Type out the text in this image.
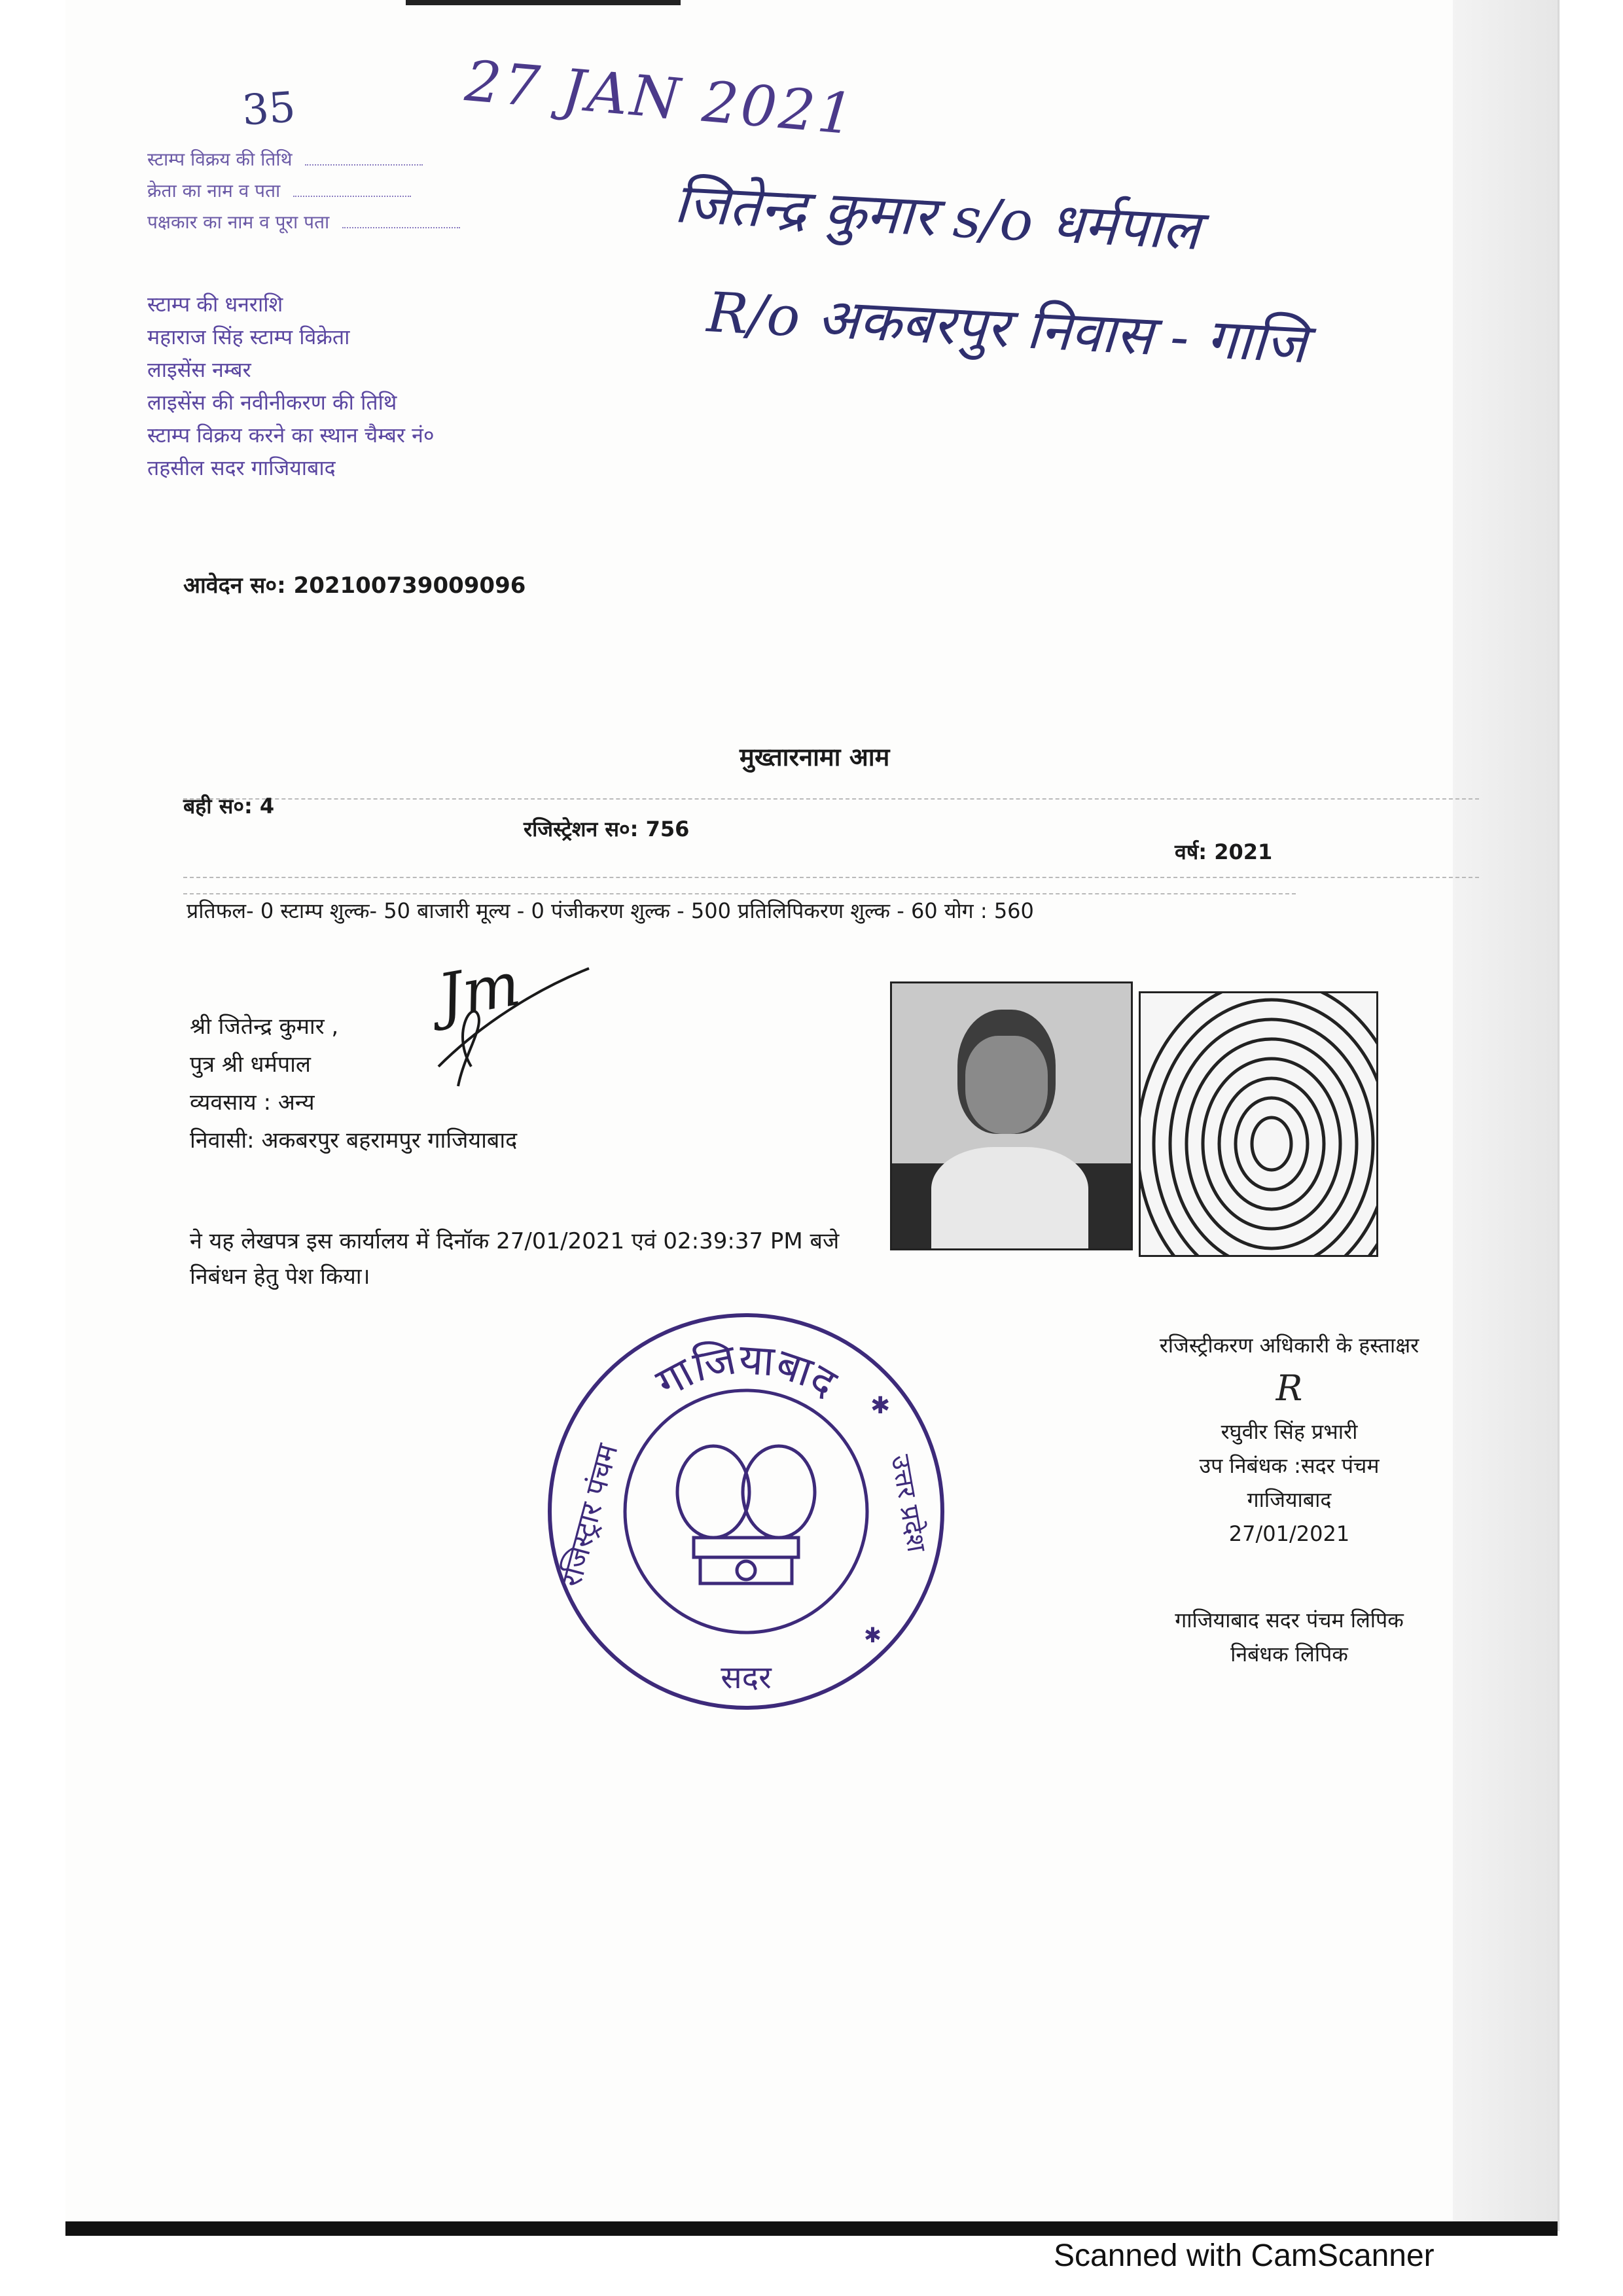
35	27 JAN 2021
स्टाम्प विक्रय की तिथि
क्रेता का नाम व पता
पक्षकार का नाम व पूरा पता
स्टाम्प की धनराशि
महाराज सिंह स्टाम्प विक्रेता
लाइसेंस नम्बर
लाइसेंस की नवीनीकरण की तिथि
स्टाम्प विक्रय करने का स्थान चैम्बर नं०
तहसील सदर गाजियाबाद
जितेन्द्र कुमार s/o धर्मपाल
R/o अकबरपुर निवास - गाजि
आवेदन स०: 202100739009096
मुख्तारनामा आम
बही स०: 4
रजिस्ट्रेशन स०: 756
वर्ष: 2021
प्रतिफल- 0 स्टाम्प शुल्क- 50 बाजारी मूल्य - 0 पंजीकरण शुल्क - 500 प्रतिलिपिकरण शुल्क - 60 योग : 560
श्री जितेन्द्र कुमार ,
पुत्र श्री धर्मपाल
व्यवसाय : अन्य
निवासी: अकबरपुर बहरामपुर गाजियाबाद
Jm
ने यह लेखपत्र इस कार्यालय में दिनॉक 27/01/2021 एवं 02:39:37 PM बजे
निबंधन हेतु पेश किया।
गाजियाबाद
रजिस्ट्रार पंचम	उत्तर प्रदेश
सदर
✱
✱
रजिस्ट्रीकरण अधिकारी के हस्ताक्षर
R
रघुवीर सिंह प्रभारी
उप निबंधक :सदर पंचम
गाजियाबाद
27/01/2021
गाजियाबाद सदर पंचम लिपिक
निबंधक लिपिक
Scanned with CamScanner
